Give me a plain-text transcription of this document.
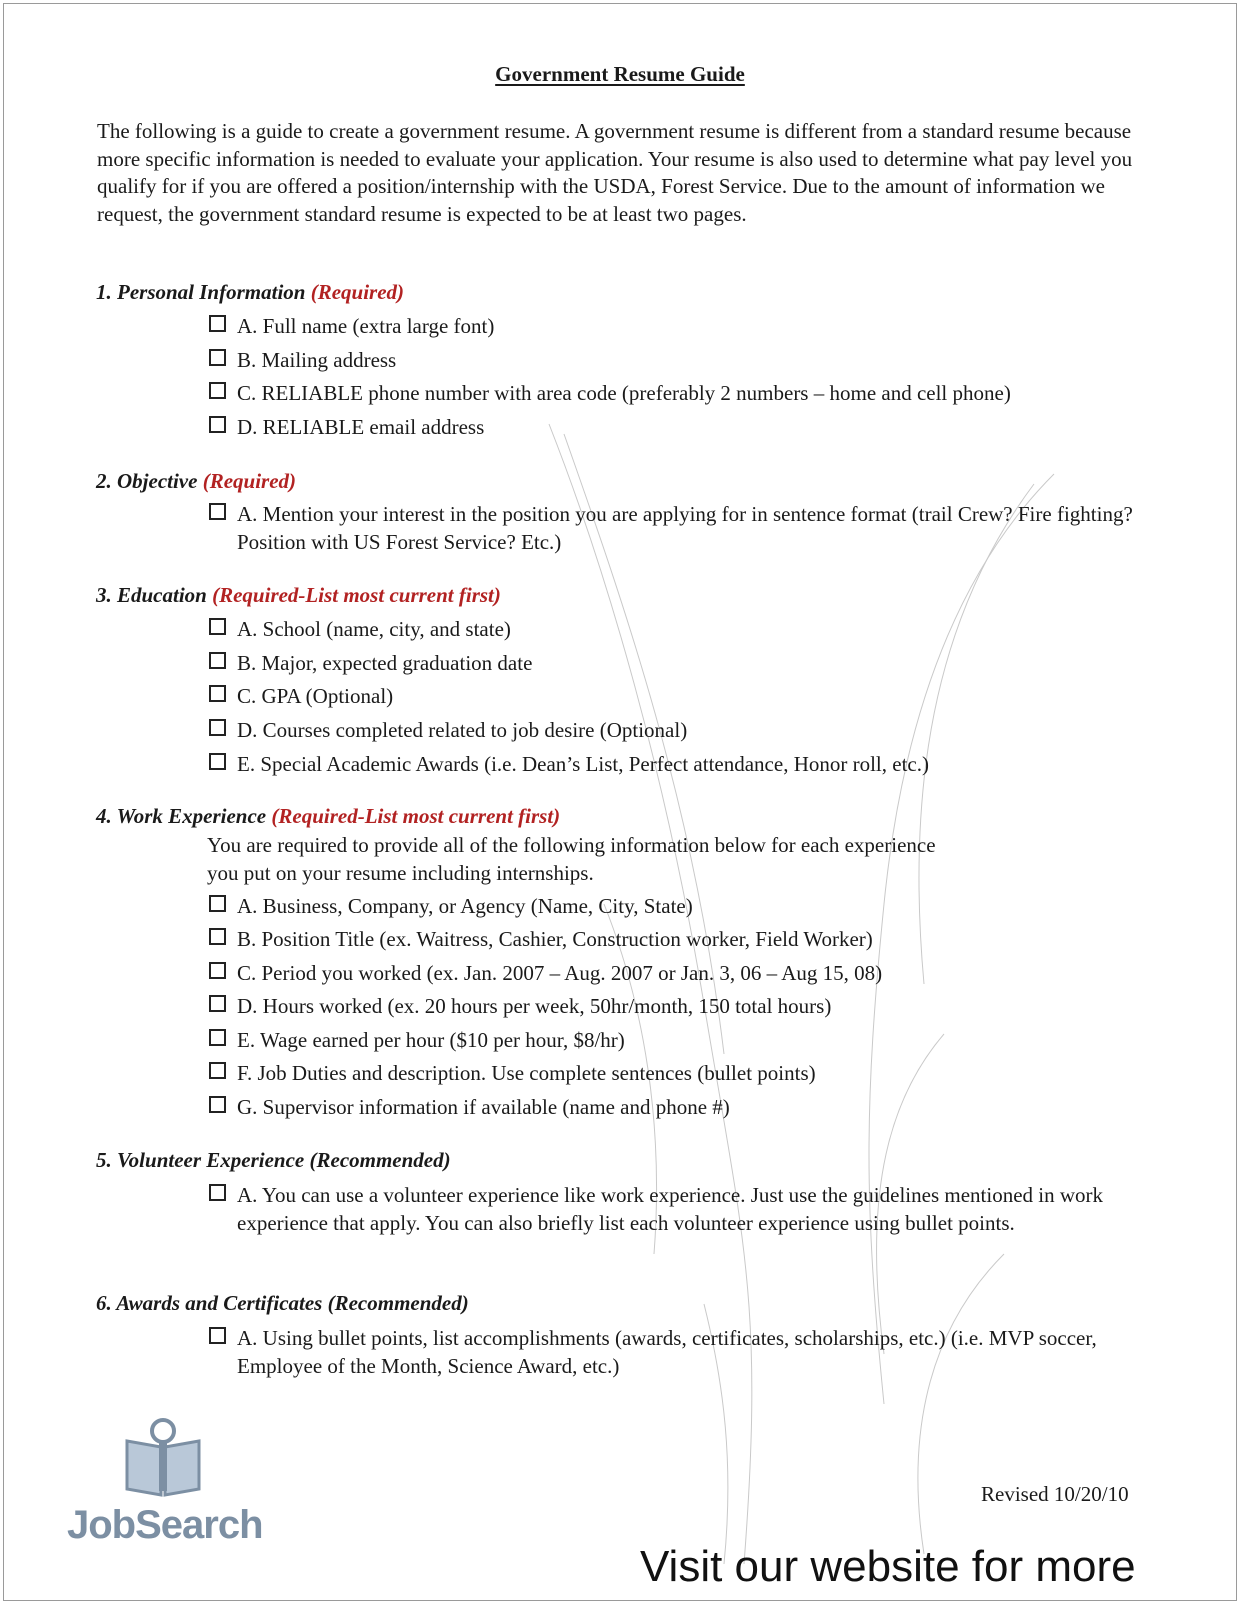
Government Resume Guide
The following is a guide to create a government resume. A government resume is different from a standard resume because more specific information is needed to evaluate your application. Your resume is also used to determine what pay level you qualify for if you are offered a position/internship with the USDA, Forest Service. Due to the amount of information we request, the government standard resume is expected to be at least two pages.
1. Personal Information (Required)
A. Full name (extra large font)
B. Mailing address
C. RELIABLE phone number with area code (preferably 2 numbers – home and cell phone)
D. RELIABLE email address
2. Objective (Required)
A. Mention your interest in the position you are applying for in sentence format (trail Crew? Fire fighting? Position with US Forest Service? Etc.)
3. Education (Required-List most current first)
A. School (name, city, and state)
B. Major, expected graduation date
C. GPA (Optional)
D. Courses completed related to job desire (Optional)
E. Special Academic Awards (i.e. Dean’s List, Perfect attendance, Honor roll, etc.)
4. Work Experience (Required-List most current first)
You are required to provide all of the following information below for each experience you put on your resume including internships.
A. Business, Company, or Agency (Name, City, State)
B. Position Title (ex. Waitress, Cashier, Construction worker, Field Worker)
C. Period you worked (ex. Jan. 2007 – Aug. 2007 or Jan. 3, 06 – Aug 15, 08)
D. Hours worked (ex. 20 hours per week, 50hr/month, 150 total hours)
E. Wage earned per hour ($10 per hour, $8/hr)
F. Job Duties and description. Use complete sentences (bullet points)
G. Supervisor information if available (name and phone #)
5. Volunteer Experience (Recommended)
A. You can use a volunteer experience like work experience. Just use the guidelines mentioned in work experience that apply. You can also briefly list each volunteer experience using bullet points.
6. Awards and Certificates (Recommended)
A. Using bullet points, list accomplishments (awards, certificates, scholarships, etc.) (i.e. MVP soccer, Employee of the Month, Science Award, etc.)
JobSearch
Revised 10/20/10
Visit our website for more
